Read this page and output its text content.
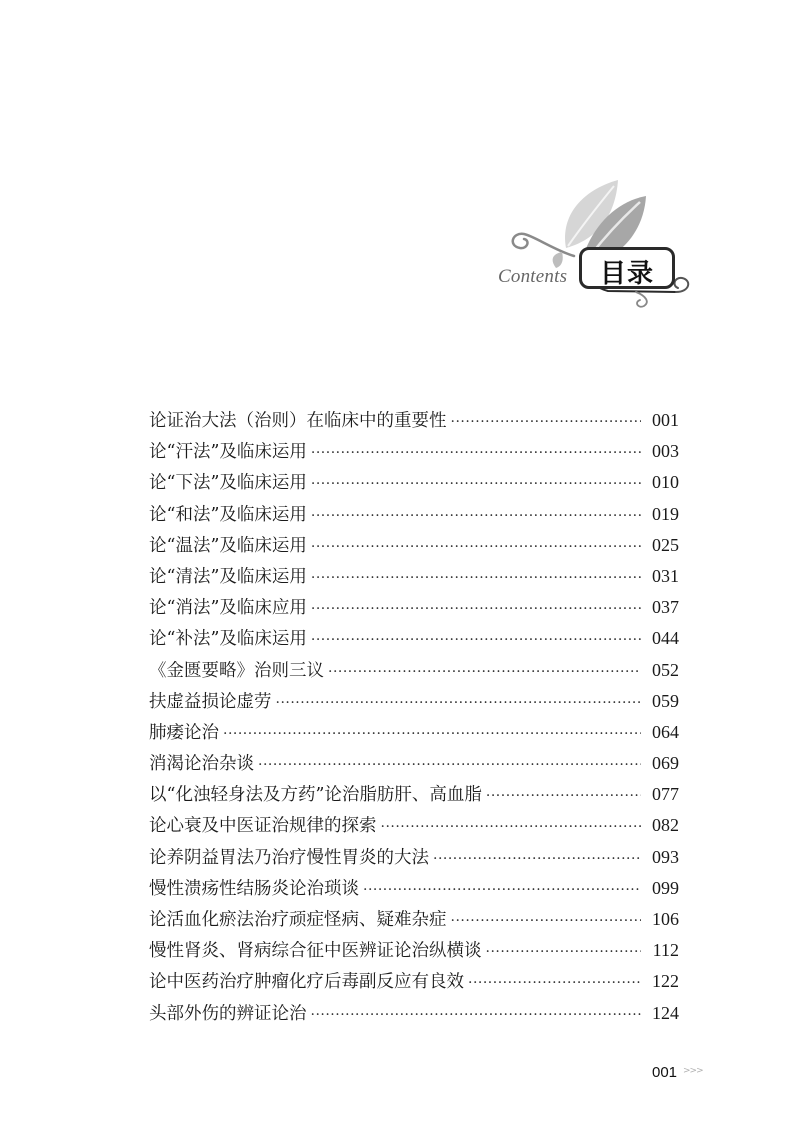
Contents	目录
论证治大法（治则）在临床中的重要性 ·····	001
论“汗法”及临床运用 ·····	003
论“下法”及临床运用 ·····	010
论“和法”及临床运用 ·····	019
论“温法”及临床运用 ·····	025
论“清法”及临床运用 ·····	031
论“消法”及临床应用 ·····	037
论“补法”及临床运用 ·····	044
《金匮要略》治则三议 ·····	052
扶虚益损论虚劳 ·····	059
肺痿论治 ·····	064
消渴论治杂谈 ·····	069
以“化浊轻身法及方药”论治脂肪肝、高血脂 ·····	077
论心衰及中医证治规律的探索 ·····	082
论养阴益胃法乃治疗慢性胃炎的大法 ·····	093
慢性溃疡性结肠炎论治琐谈 ·····	099
论活血化瘀法治疗顽症怪病、疑难杂症 ·····	106
慢性肾炎、肾病综合征中医辨证论治纵横谈 ·····	112
论中医药治疗肿瘤化疗后毒副反应有良效 ·····	122
头部外伤的辨证论治 ·····	124
001 >>>
